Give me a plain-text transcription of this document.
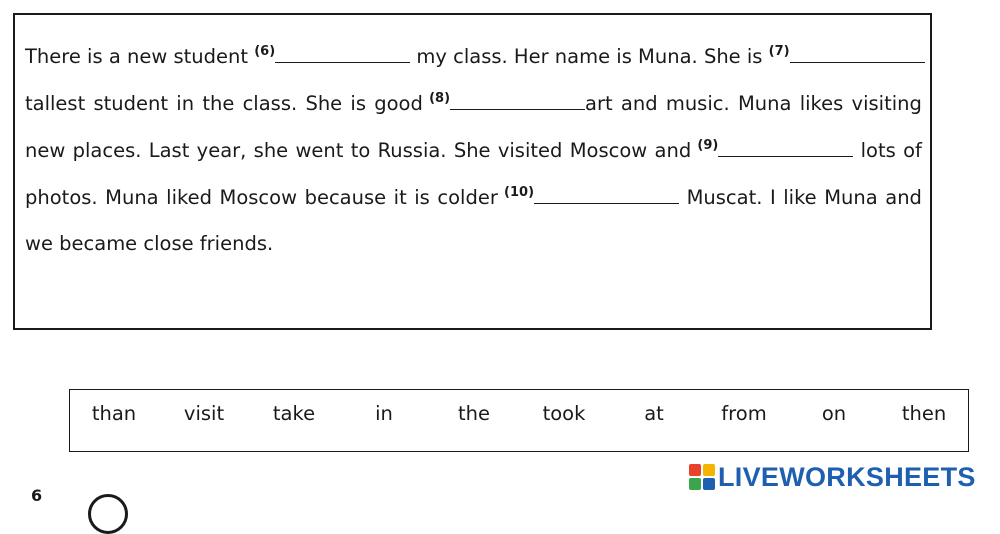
There is a new student $^{(6)}$	my class. Her name is Muna. She is $^{(7)}$
tallest student in the class. She is good $^{(8)}$	art and music. Muna likes visiting
new places. Last year, she went to Russia. She visited Moscow and $^{(9)}$	lots of
photos. Muna liked Moscow because it is colder $^{(10)}$	Muscat. I like Muna and
we became close friends.
than visit	take	in	the	took	at	from	on	then
LIVEWORKSHEETS
6
